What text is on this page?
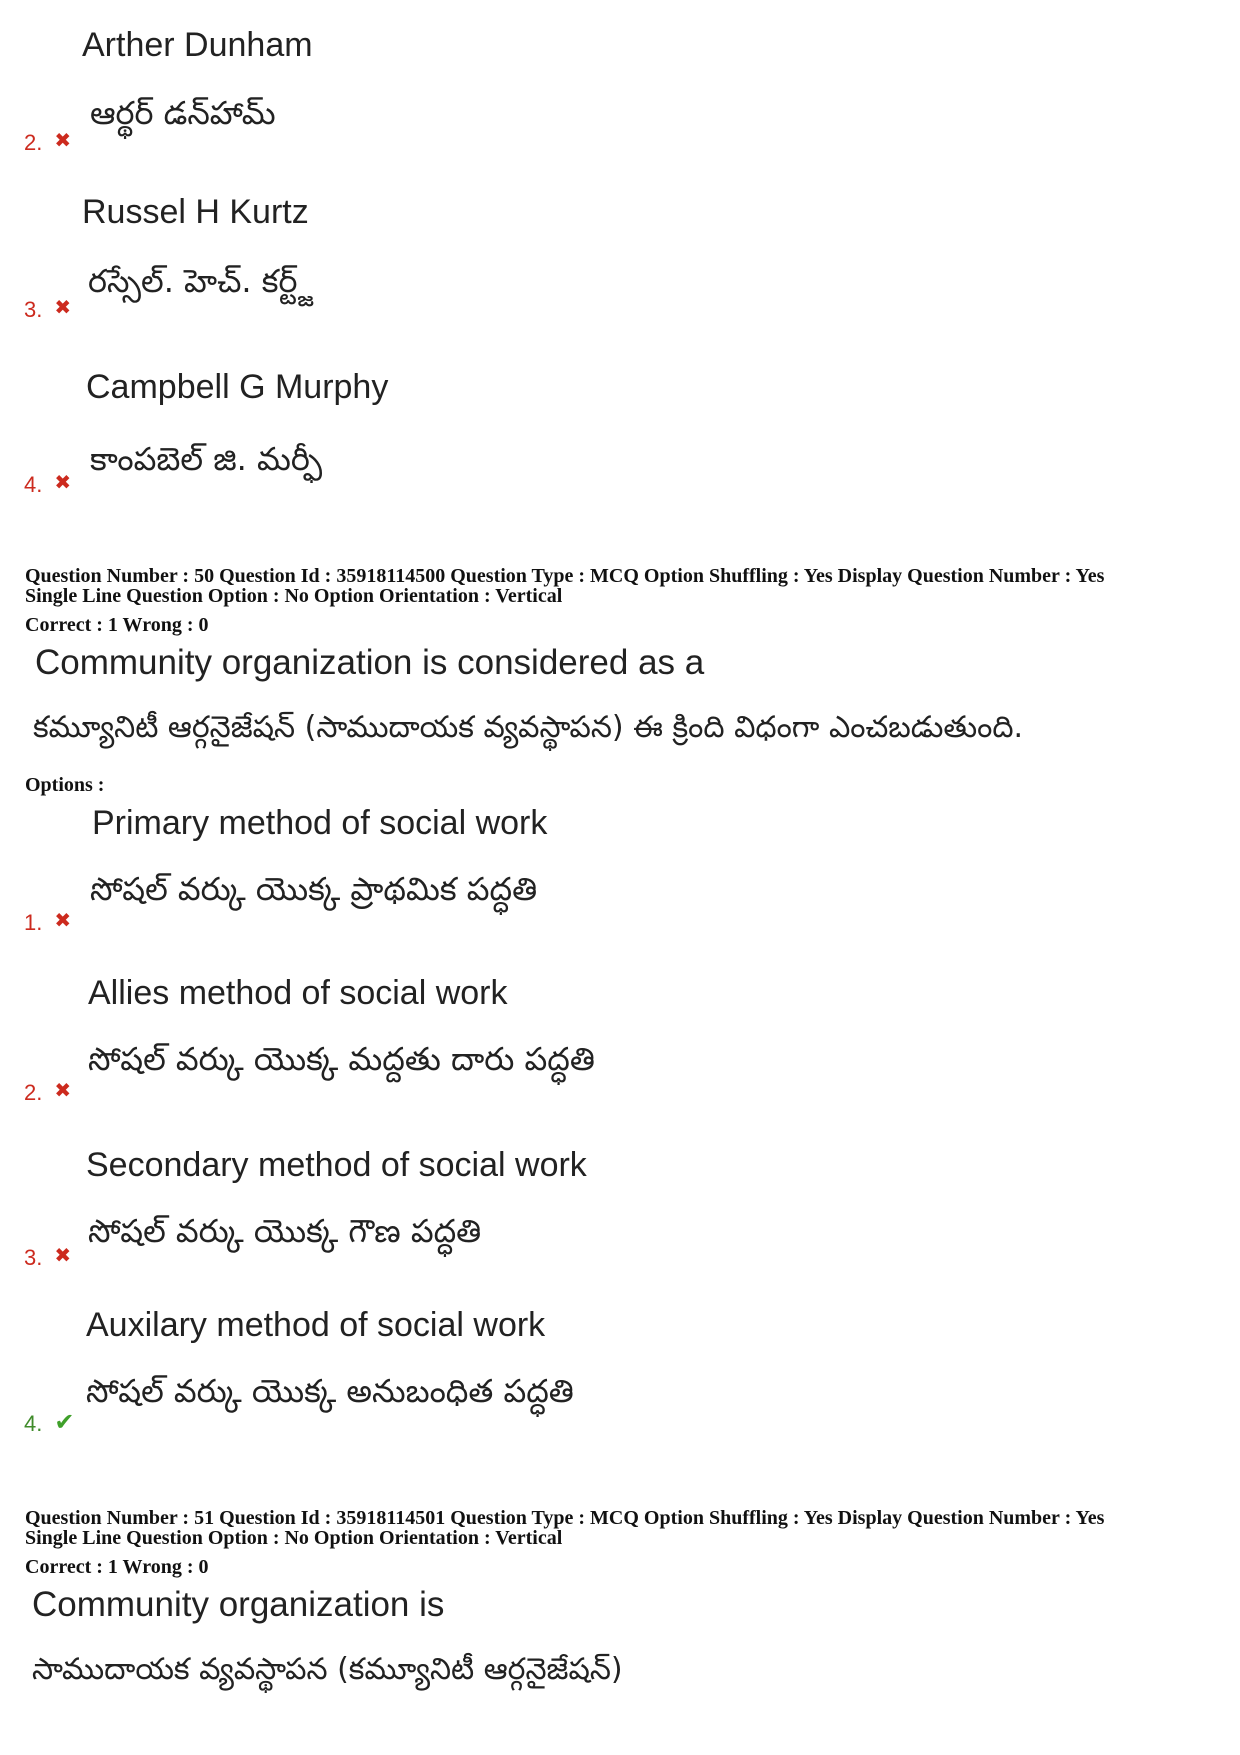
Arther Dunham
ఆర్థర్ డన్‌హామ్
2. ✖
Russel H Kurtz
రస్సేల్. హెచ్. కర్ట్జ్
3. ✖
Campbell G Murphy
కాంపబెల్ జి. మర్ఫీ
4. ✖
Question Number : 50 Question Id : 35918114500 Question Type : MCQ Option Shuffling : Yes Display Question Number : Yes
Single Line Question Option : No Option Orientation : Vertical
Correct : 1 Wrong : 0
Community organization is considered as a
కమ్యూనిటీ ఆర్గనైజేషన్ (సాముదాయక వ్యవస్థాపన) ఈ క్రింది విధంగా ఎంచబడుతుంది.
Options :
Primary method of social work
సోషల్ వర్కు యొక్క ప్రాథమిక పద్ధతి
1. ✖
Allies method of social work
సోషల్ వర్కు యొక్క మద్దతు దారు పద్ధతి
2. ✖
Secondary method of social work
సోషల్ వర్కు యొక్క గౌణ పద్ధతి
3. ✖
Auxilary method of social work
సోషల్ వర్కు యొక్క అనుబంధిత పద్ధతి
4. ✔
Question Number : 51 Question Id : 35918114501 Question Type : MCQ Option Shuffling : Yes Display Question Number : Yes
Single Line Question Option : No Option Orientation : Vertical
Correct : 1 Wrong : 0
Community organization is
సాముదాయక వ్యవస్థాపన (కమ్యూనిటీ ఆర్గనైజేషన్)
